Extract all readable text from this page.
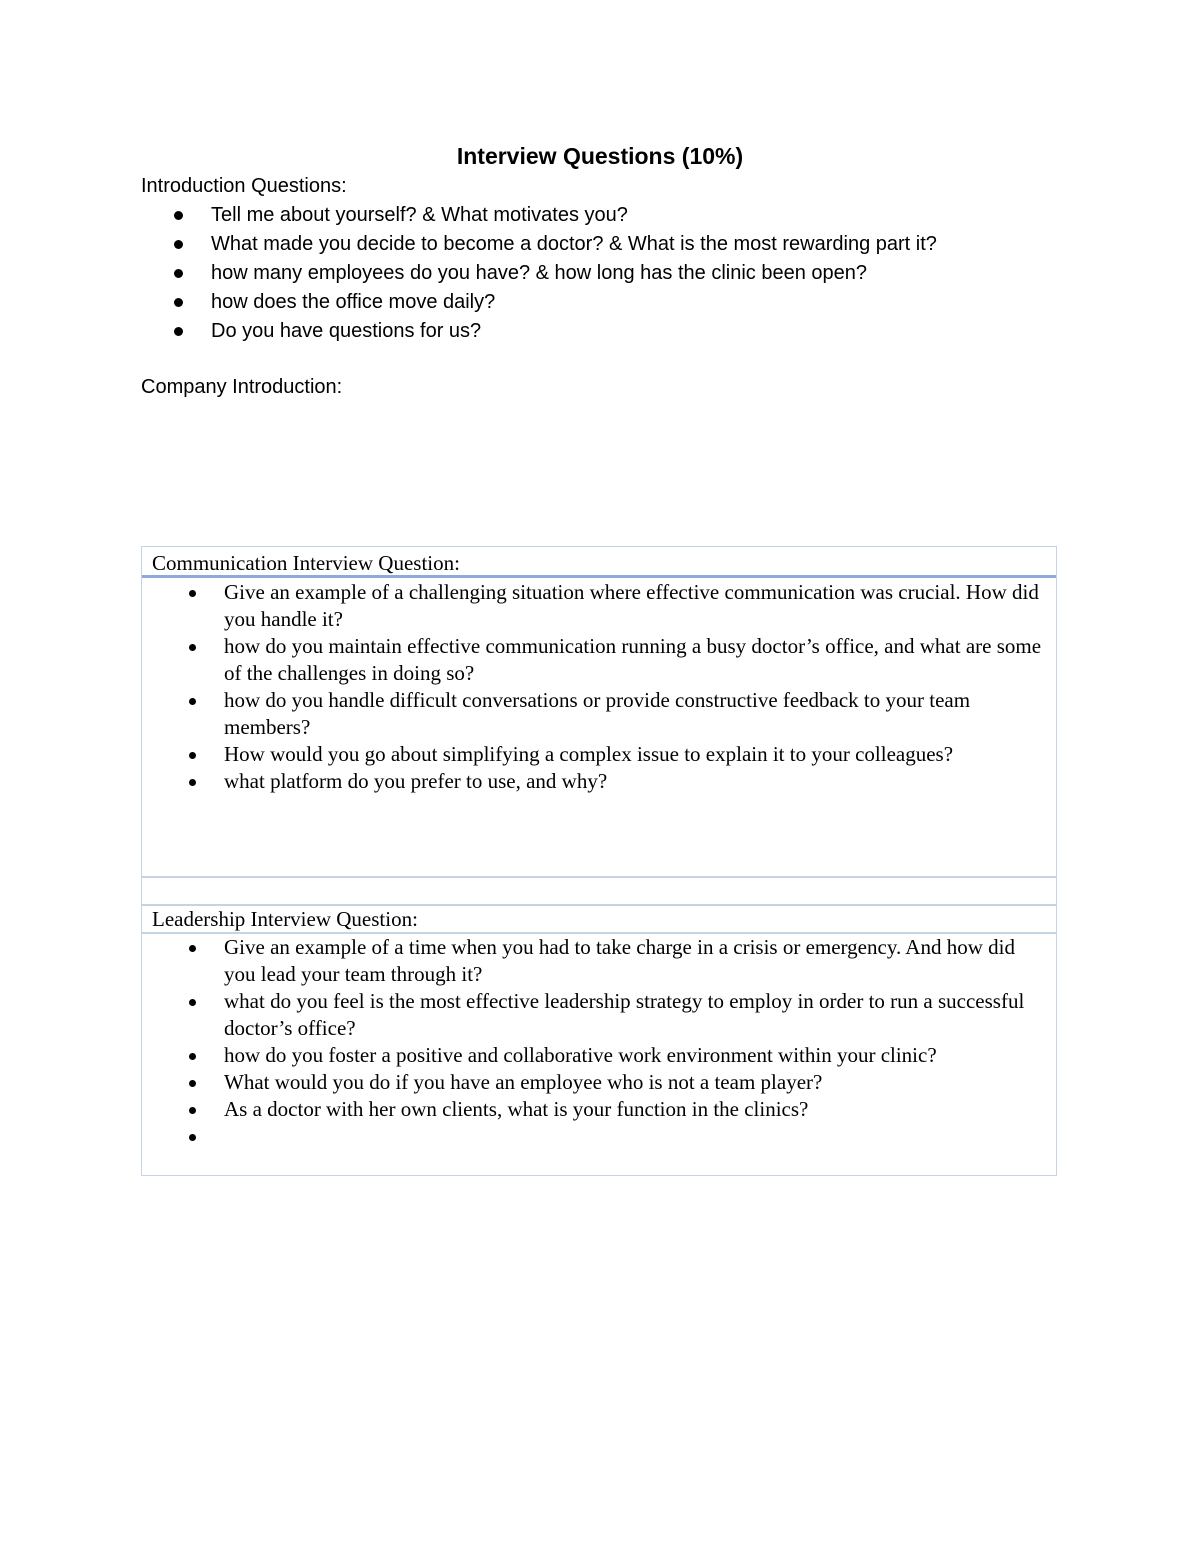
Interview Questions (10%)
Introduction Questions:
Tell me about yourself? & What motivates you?
What made you decide to become a doctor? & What is the most rewarding part it?
how many employees do you have? & how long has the clinic been open?
how does the office move daily?
Do you have questions for us?
Company Introduction:
Communication Interview Question:
Give an example of a challenging situation where effective communication was crucial. How did you handle it?
how do you maintain effective communication running a busy doctor’s office, and what are some of the challenges in doing so?
how do you handle difficult conversations or provide constructive feedback to your team members?
How would you go about simplifying a complex issue to explain it to your colleagues?
what platform do you prefer to use, and why?
Leadership Interview Question:
Give an example of a time when you had to take charge in a crisis or emergency. And how did you lead your team through it?
what do you feel is the most effective leadership strategy to employ in order to run a successful doctor’s office?
how do you foster a positive and collaborative work environment within your clinic?
What would you do if you have an employee who is not a team player?
As a doctor with her own clients, what is your function in the clinics?
